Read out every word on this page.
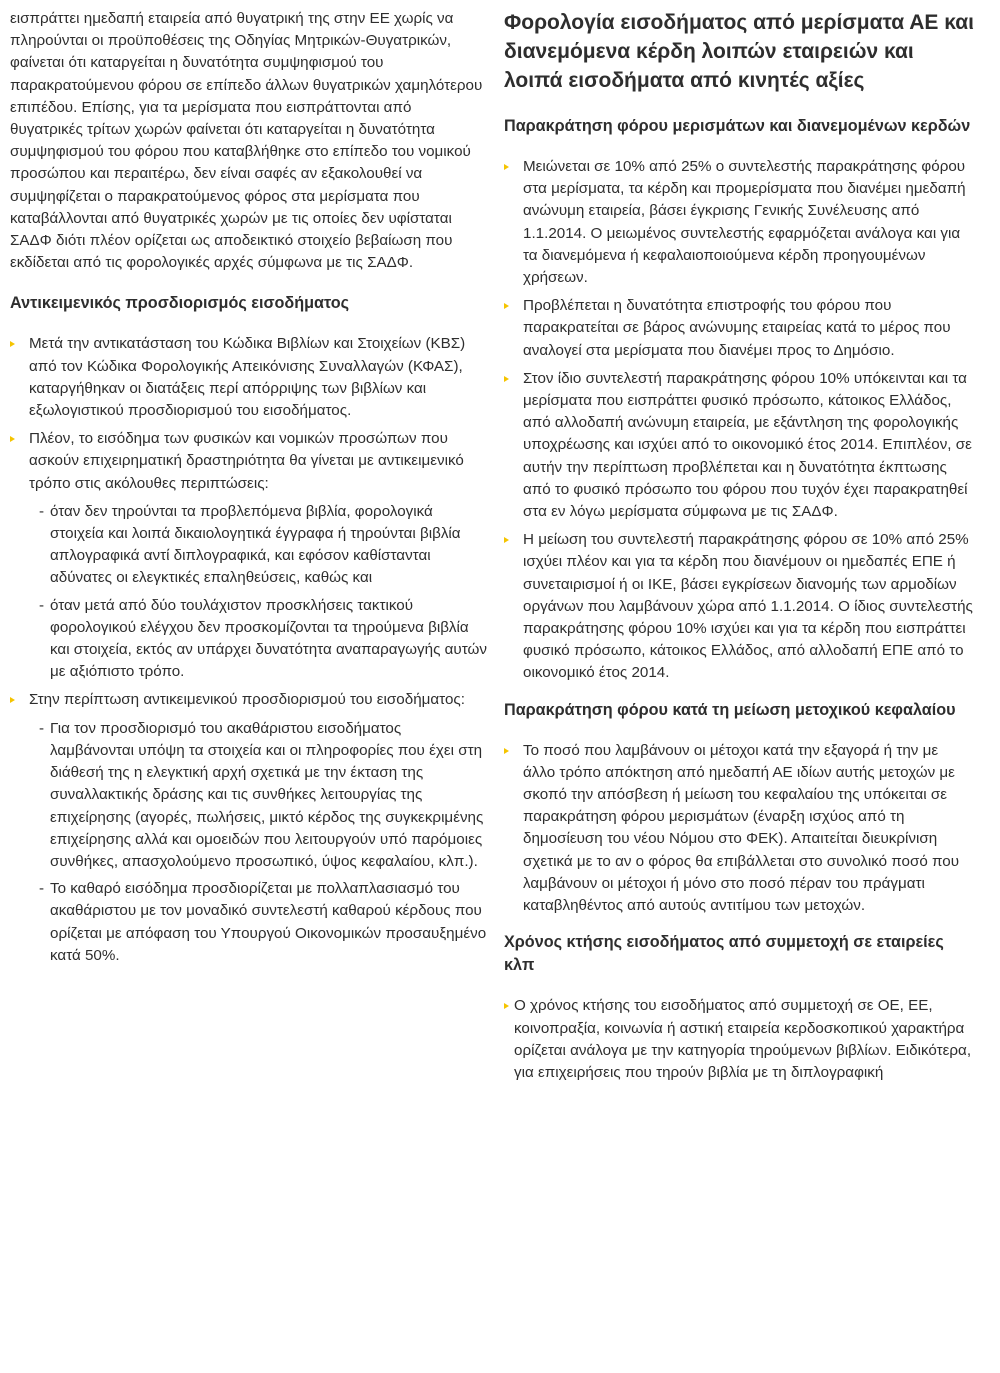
εισπράττει ημεδαπή εταιρεία από θυγατρική της στην ΕΕ χωρίς να πληρούνται οι προϋποθέσεις της Οδηγίας Μητρικών-Θυγατρικών, φαίνεται ότι καταργείται η δυνατότητα συμψηφισμού του παρακρατούμενου φόρου σε επίπεδο άλλων θυγατρικών χαμηλότερου επιπέδου. Επίσης, για τα μερίσματα που εισπράττονται από θυγατρικές τρίτων χωρών φαίνεται ότι καταργείται η δυνατότητα συμψηφισμού του φόρου που καταβλήθηκε στο επίπεδο του νομικού προσώπου και περαιτέρω, δεν είναι σαφές αν εξακολουθεί να συμψηφίζεται ο παρακρατούμενος φόρος στα μερίσματα που καταβάλλονται από θυγατρικές χωρών με τις οποίες δεν υφίσταται ΣΑΔΦ διότι πλέον ορίζεται ως αποδεικτικό στοιχείο βεβαίωση που εκδίδεται από τις φορολογικές αρχές σύμφωνα με τις ΣΑΔΦ.

Αντικειμενικός προσδιορισμός εισοδήματος
Μετά την αντικατάσταση του Κώδικα Βιβλίων και Στοιχείων (ΚΒΣ) από τον Κώδικα Φορολογικής Απεικόνισης Συναλλαγών (ΚΦΑΣ), καταργήθηκαν οι διατάξεις περί απόρριψης των βιβλίων και εξωλογιστικού προσδιορισμού του εισοδήματος.
Πλέον, το εισόδημα των φυσικών και νομικών προσώπων που ασκούν επιχειρηματική δραστηριότητα θα γίνεται με αντικειμενικό τρόπο στις ακόλουθες περιπτώσεις:
- όταν δεν τηρούνται τα προβλεπόμενα βιβλία, φορολογικά στοιχεία και λοιπά δικαιολογητικά έγγραφα ή τηρούνται βιβλία απλογραφικά αντί διπλογραφικά, και εφόσον καθίστανται αδύνατες οι ελεγκτικές επαληθεύσεις, καθώς και
- όταν μετά από δύο τουλάχιστον προσκλήσεις τακτικού φορολογικού ελέγχου δεν προσκομίζονται τα τηρούμενα βιβλία και στοιχεία, εκτός αν υπάρχει δυνατότητα αναπαραγωγής αυτών με αξιόπιστο τρόπο.
Στην περίπτωση αντικειμενικού προσδιορισμού του εισοδήματος:
- Για τον προσδιορισμό του ακαθάριστου εισοδήματος λαμβάνονται υπόψη τα στοιχεία και οι πληροφορίες που έχει στη διάθεσή της η ελεγκτική αρχή σχετικά με την έκταση της συναλλακτικής δράσης και τις συνθήκες λειτουργίας της επιχείρησης (αγορές, πωλήσεις, μικτό κέρδος της συγκεκριμένης επιχείρησης αλλά και ομοειδών που λειτουργούν υπό παρόμοιες συνθήκες, απασχολούμενο προσωπικό, ύψος κεφαλαίου, κλπ.).
- Το καθαρό εισόδημα προσδιορίζεται με πολλαπλασιασμό του ακαθάριστου με τον μοναδικό συντελεστή καθαρού κέρδους που ορίζεται με απόφαση του Υπουργού Οικονομικών προσαυξημένο κατά 50%.
Φορολογία εισοδήματος από μερίσματα ΑΕ και διανεμόμενα κέρδη λοιπών εταιρειών και λοιπά εισοδήματα από κινητές αξίες
Παρακράτηση φόρου μερισμάτων και διανεμομένων κερδών
Μειώνεται σε 10% από 25% ο συντελεστής παρακράτησης φόρου στα μερίσματα, τα κέρδη και προμερίσματα που διανέμει ημεδαπή ανώνυμη εταιρεία, βάσει έγκρισης Γενικής Συνέλευσης από 1.1.2014. Ο μειωμένος συντελεστής εφαρμόζεται ανάλογα και για τα διανεμόμενα ή κεφαλαιοποιούμενα κέρδη προηγουμένων χρήσεων.
Προβλέπεται η δυνατότητα επιστροφής του φόρου που παρακρατείται σε βάρος ανώνυμης εταιρείας κατά το μέρος που αναλογεί στα μερίσματα που διανέμει προς το Δημόσιο.
Στον ίδιο συντελεστή παρακράτησης φόρου 10% υπόκεινται και τα μερίσματα που εισπράττει φυσικό πρόσωπο, κάτοικος Ελλάδος, από αλλοδαπή ανώνυμη εταιρεία, με εξάντληση της φορολογικής υποχρέωσης και ισχύει από το οικονομικό έτος 2014. Επιπλέον, σε αυτήν την περίπτωση προβλέπεται και η δυνατότητα έκπτωσης από το φυσικό πρόσωπο του φόρου που τυχόν έχει παρακρατηθεί στα εν λόγω μερίσματα σύμφωνα με τις ΣΑΔΦ.
Η μείωση του συντελεστή παρακράτησης φόρου σε 10% από 25% ισχύει πλέον και για τα κέρδη που διανέμουν οι ημεδαπές ΕΠΕ ή συνεταιρισμοί ή οι ΙΚΕ, βάσει εγκρίσεων διανομής των αρμοδίων οργάνων που λαμβάνουν χώρα από 1.1.2014. Ο ίδιος συντελεστής παρακράτησης φόρου 10% ισχύει και για τα κέρδη που εισπράττει φυσικό πρόσωπο, κάτοικος Ελλάδος, από αλλοδαπή ΕΠΕ από το οικονομικό έτος 2014.
Παρακράτηση φόρου κατά τη μείωση μετοχικού κεφαλαίου
Το ποσό που λαμβάνουν οι μέτοχοι κατά την εξαγορά ή την με άλλο τρόπο απόκτηση από ημεδαπή ΑΕ ιδίων αυτής μετοχών με σκοπό την απόσβεση ή μείωση του κεφαλαίου της υπόκειται σε παρακράτηση φόρου μερισμάτων (έναρξη ισχύος από τη δημοσίευση του νέου Νόμου στο ΦΕΚ). Απαιτείται διευκρίνιση σχετικά με το αν ο φόρος θα επιβάλλεται στο συνολικό ποσό που λαμβάνουν οι μέτοχοι ή μόνο στο ποσό πέραν του πράγματι καταβληθέντος από αυτούς αντιτίμου των μετοχών.
Χρόνος κτήσης εισοδήματος από συμμετοχή σε εταιρείες κλπ
Ο χρόνος κτήσης του εισοδήματος από συμμετοχή σε ΟΕ, ΕΕ, κοινοπραξία, κοινωνία ή αστική εταιρεία κερδοσκοπικού χαρακτήρα ορίζεται ανάλογα με την κατηγορία τηρούμενων βιβλίων. Ειδικότερα, για επιχειρήσεις που τηρούν βιβλία με τη διπλογραφική
